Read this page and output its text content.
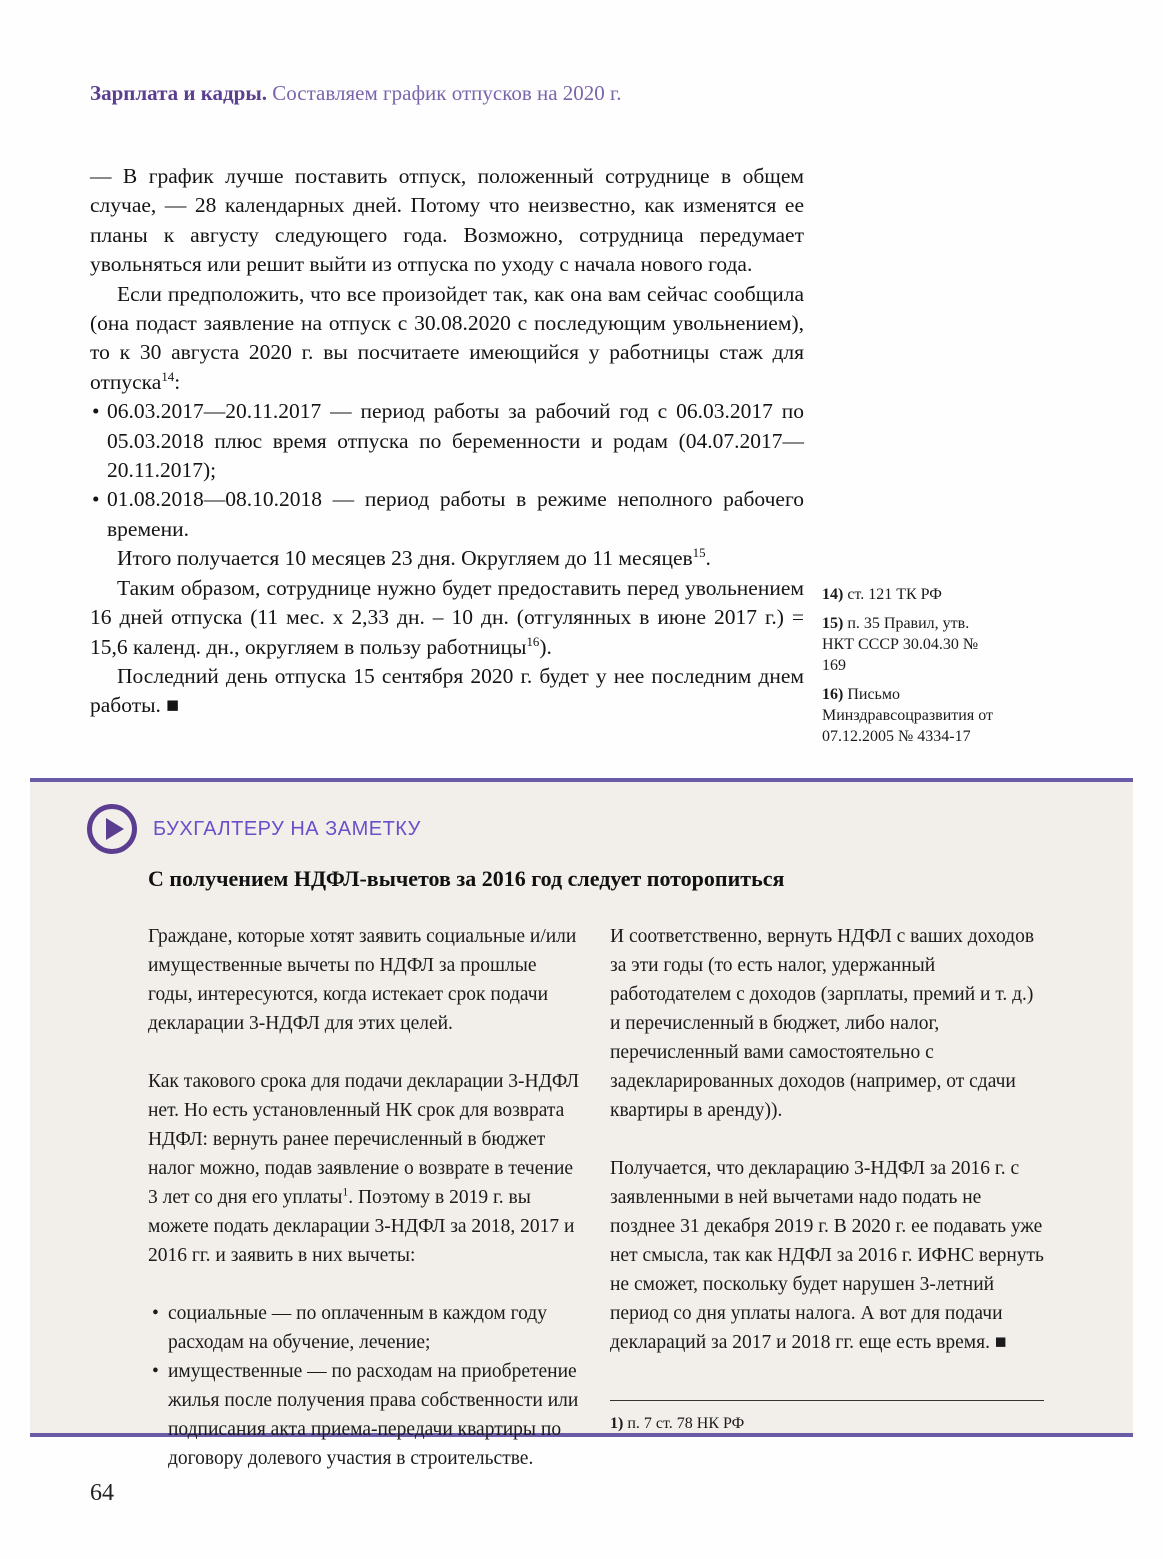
Зарплата и кадры. Составляем график отпусков на 2020 г.

— В график лучше поставить отпуск, положенный сотруднице в общем случае, — 28 календарных дней. Потому что неизвестно, как изменятся ее планы к августу следующего года. Возможно, сотрудница передумает увольняться или решит выйти из отпуска по уходу с начала нового года.

Если предположить, что все произойдет так, как она вам сейчас сообщила (она подаст заявление на отпуск с 30.08.2020 с последующим увольнением), то к 30 августа 2020 г. вы посчитаете имеющийся у работницы стаж для отпуска$^{14}$:

• 06.03.2017—20.11.2017 — период работы за рабочий год с 06.03.2017 по 05.03.2018 плюс время отпуска по беременности и родам (04.07.2017—20.11.2017);
• 01.08.2018—08.10.2018 — период работы в режиме неполного рабочего времени.

Итого получается 10 месяцев 23 дня. Округляем до 11 месяцев$^{15}$.

Таким образом, сотруднице нужно будет предоставить перед увольнением 16 дней отпуска (11 мес. х 2,33 дн. – 10 дн. (отгулянных в июне 2017 г.) = 15,6 календ. дн., округляем в пользу работницы$^{16}$).

Последний день отпуска 15 сентября 2020 г. будет у нее последним днем работы. ■

14) ст. 121 ТК РФ
15) п. 35 Правил, утв. НКТ СССР 30.04.30 № 169
16) Письмо Минздравсоцразвития от 07.12.2005 № 4334-17
БУХГАЛТЕРУ НА ЗАМЕТКУ
С получением НДФЛ-вычетов за 2016 год следует поторопиться

Граждане, которые хотят заявить социальные и/или имущественные вычеты по НДФЛ за прошлые годы, интересуются, когда истекает срок подачи декларации 3-НДФЛ для этих целей.

Как такового срока для подачи декларации 3-НДФЛ нет. Но есть установленный НК срок для возврата НДФЛ: вернуть ранее перечисленный в бюджет налог можно, подав заявление о возврате в течение 3 лет со дня его уплаты$^1$. Поэтому в 2019 г. вы можете подать декларации 3-НДФЛ за 2018, 2017 и 2016 гг. и заявить в них вычеты:

• социальные — по оплаченным в каждом году расходам на обучение, лечение;
• имущественные — по расходам на приобретение жилья после получения права собственности или подписания акта приема-передачи квартиры по договору долевого участия в строительстве.

И соответственно, вернуть НДФЛ с ваших доходов за эти годы (то есть налог, удержанный работодателем с доходов (зарплаты, премий и т. д.) и перечисленный в бюджет, либо налог, перечисленный вами самостоятельно с задекларированных доходов (например, от сдачи квартиры в аренду)).

Получается, что декларацию 3-НДФЛ за 2016 г. с заявленными в ней вычетами надо подать не позднее 31 декабря 2019 г. В 2020 г. ее подавать уже нет смысла, так как НДФЛ за 2016 г. ИФНС вернуть не сможет, поскольку будет нарушен 3-летний период со дня уплаты налога. А вот для подачи деклараций за 2017 и 2018 гг. еще есть время. ■

1) п. 7 ст. 78 НК РФ
64
